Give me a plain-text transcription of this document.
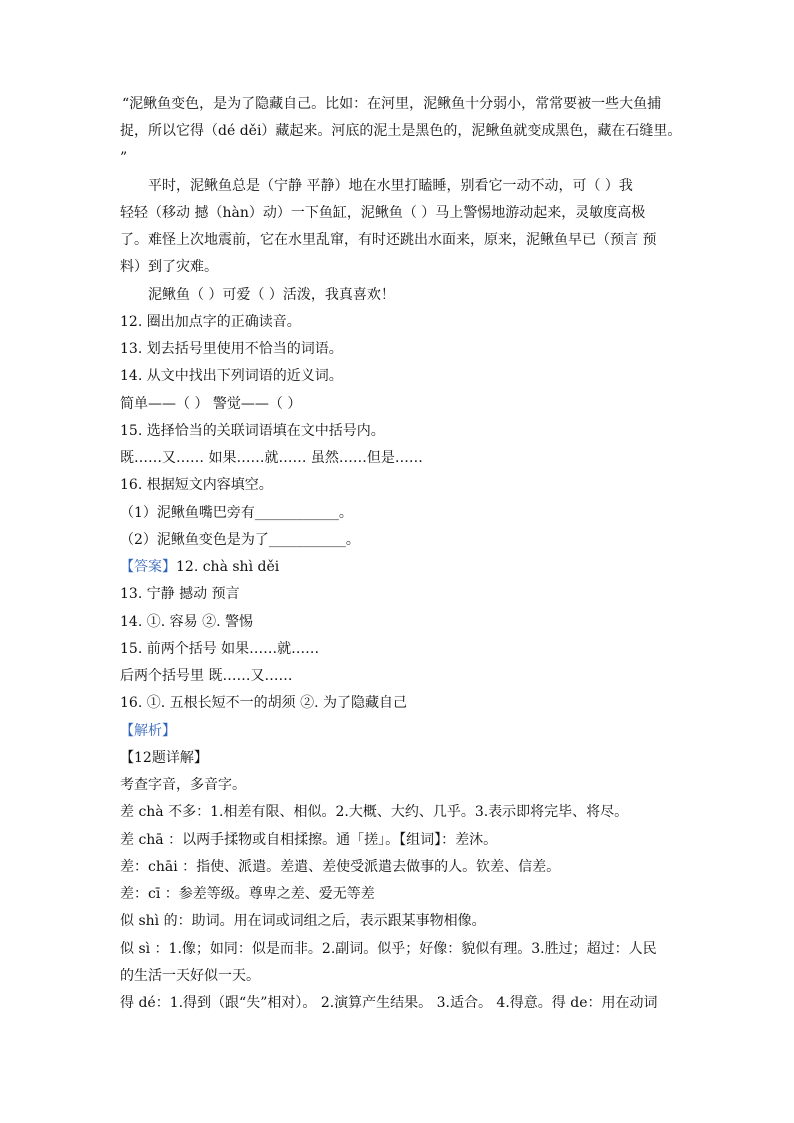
“泥鳅鱼变色，是为了隐藏自己。比如：在河里，泥鳅鱼十分弱小，常常要被一些大鱼捕
捉，所以它得（dé děi）藏起来。河底的泥土是黑色的，泥鳅鱼就变成黑色，藏在石缝里。
”
平时，泥鳅鱼总是（宁静 平静）地在水里打瞌睡，别看它一动不动，可（ ）我
轻轻（移动 撼（hàn）动）一下鱼缸，泥鳅鱼（ ）马上警惕地游动起来，灵敏度高极
了。难怪上次地震前，它在水里乱窜，有时还跳出水面来，原来，泥鳅鱼早已（预言 预
料）到了灾难。
泥鳅鱼（ ）可爱（ ）活泼，我真喜欢！
12. 圈出加点字的正确读音。
13. 划去括号里使用不恰当的词语。
14. 从文中找出下列词语的近义词。
简单——（ ） 警觉——（ ）
15. 选择恰当的关联词语填在文中括号内。
既……又…… 如果……就…… 虽然……但是……
16. 根据短文内容填空。
（1）泥鳅鱼嘴巴旁有____________。
（2）泥鳅鱼变色是为了___________。
【答案】12. chà shì děi
13. 宁静 撼动 预言
14. ①. 容易 ②. 警惕
15. 前两个括号 如果……就……
后两个括号里 既……又……
16. ①. 五根长短不一的胡须 ②. 为了隐藏自己
【解析】
【12题详解】
考查字音，多音字。
差 chà 不多：1.相差有限、相似。2.大概、大约、几乎。3.表示即将完毕、将尽。
差 chā ：以两手揉物或自相揉擦。通「搓」。【组词】：差沐。
差：chāi ：指使、派遣。差遣、差使受派遣去做事的人。钦差、信差。
差：cī ：参差等级。尊卑之差、爱无等差
似 shì 的：助词。用在词或词组之后，表示跟某事物相像。
似 sì ：1.像；如同：似是而非。2.副词。似乎；好像：貌似有理。3.胜过；超过：人民
的生活一天好似一天。
得 dé：1.得到（跟“失”相对）。 2.演算产生结果。 3.适合。 4.得意。得 de：用在动词
